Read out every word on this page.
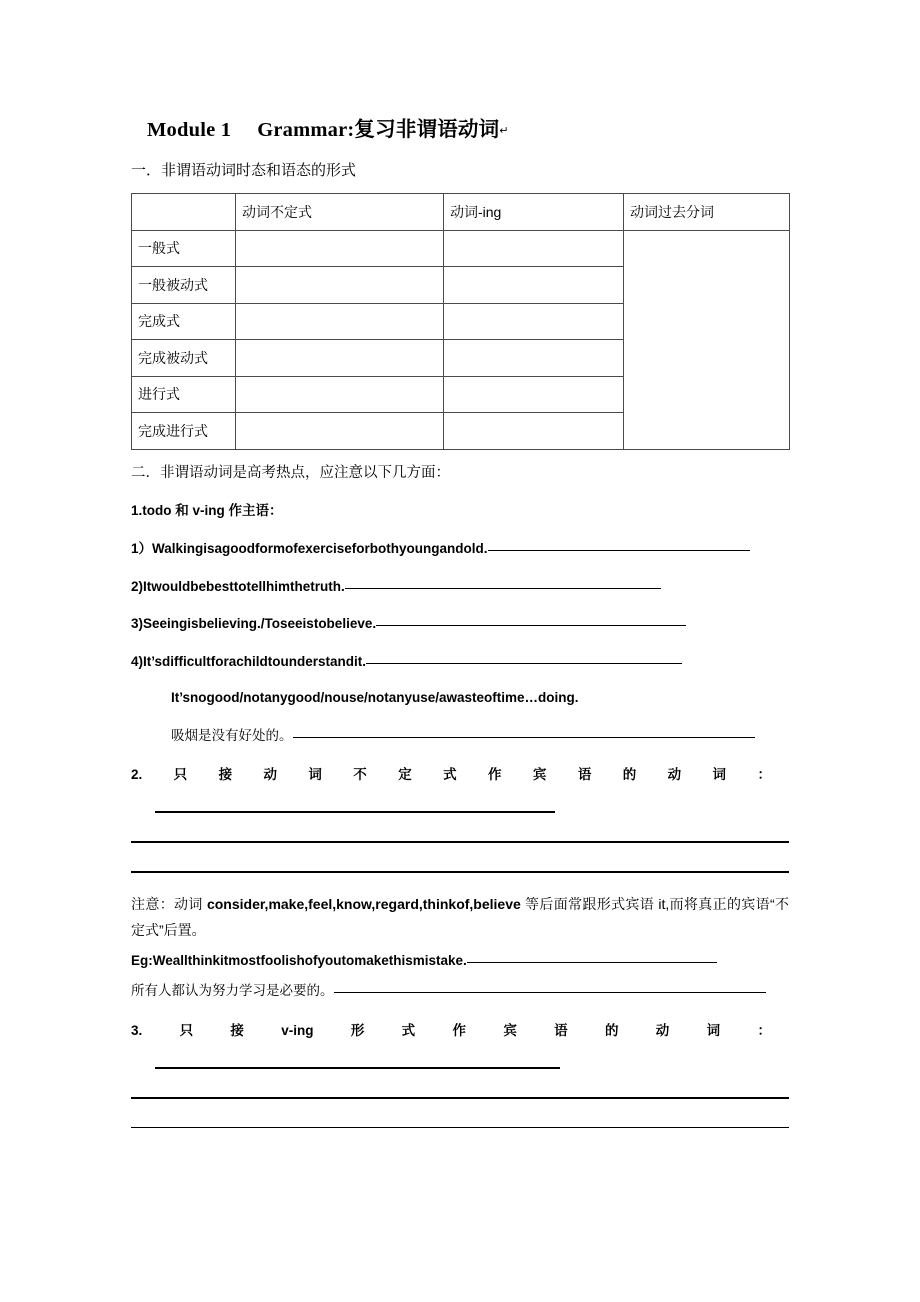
Module 1　 Grammar:复习非谓语动词↵

一．非谓语动词时态和语态的形式

	动词不定式	动词-ing	动词过去分词
一般式			
一般被动式			
完成式			
完成被动式			
进行式			
完成进行式			

二．非谓语动词是高考热点，应注意以下几方面：

1.todo 和 v-ing 作主语：

1）Walkingisagoodformofexerciseforbothyoungandold.

2)Itwouldbebesttotellhimthetruth.

3)Seeingisbelieving./Toseeistobelieve.

4)It’sdifficultforachildtounderstandit.

It’snogood/notanygood/nouse/notanyuse/awasteoftime…doing.

吸烟是没有好处的。

2. 只 接 动 词 不 定 式 作 宾 语 的 动 词 ：

注意：动词 consider,make,feel,know,regard,thinkof,believe 等后面常跟形式宾语 it,而将真正的宾语“不定式”后置。

Eg:Weallthinkitmostfoolishofyoutomakethismistake.

所有人都认为努力学习是必要的。

3.	只	接	v-ing	形	式	作	宾	语	的	动	词	：
